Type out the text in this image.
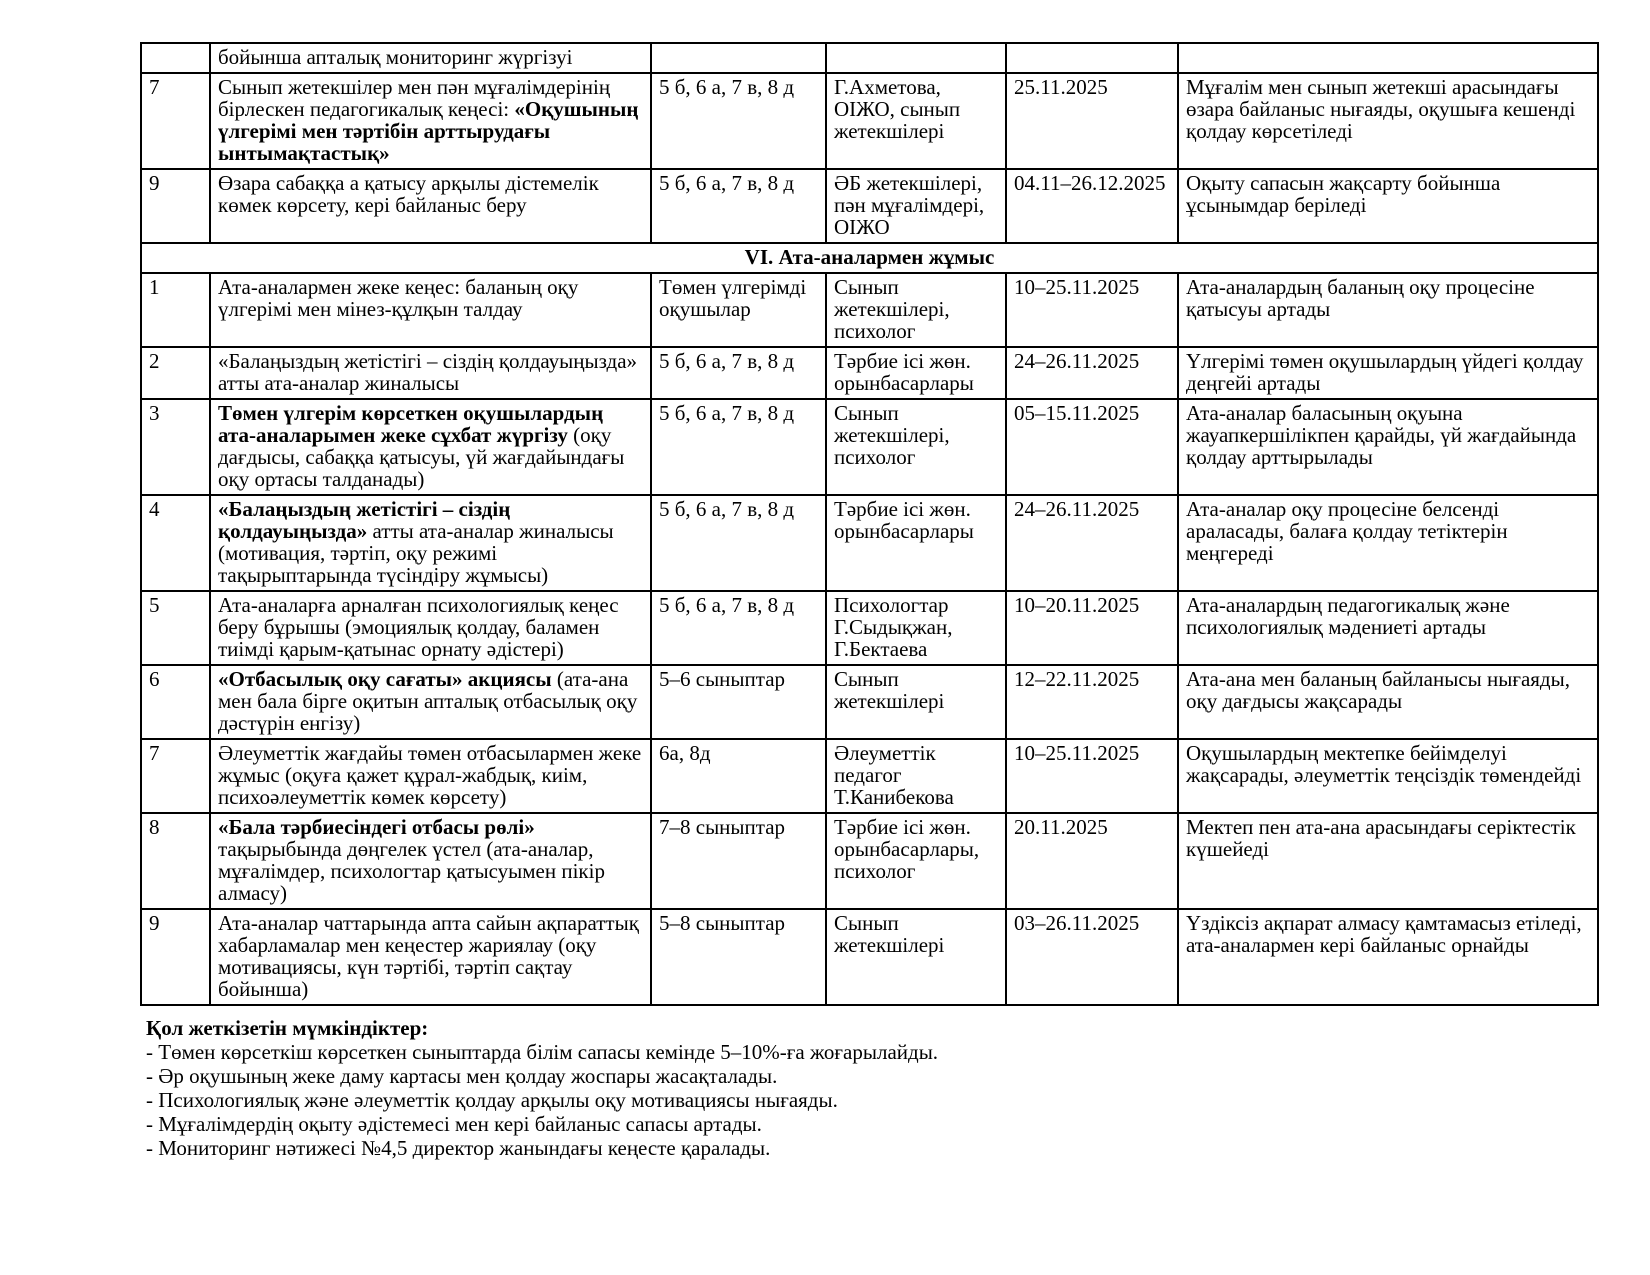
	бойынша апталық мониторинг жүргізуі				
7	Сынып жетекшілер мен пән мұғалімдерінің бірлескен педагогикалық кеңесі: «Оқушының үлгерімі мен тәртібін арттырудағы ынтымақтастық»	5 б, 6 а, 7 в, 8 д	Г.Ахметова, ОІЖО, сынып жетекшілері	25.11.2025	Мұғалім мен сынып жетекші арасындағы өзара байланыс нығаяды, оқушыға кешенді қолдау көрсетіледі
9	Өзара сабаққа а қатысу арқылы дістемелік көмек көрсету, кері байланыс беру	5 б, 6 а, 7 в, 8 д	ӘБ жетекшілері, пән мұғалімдері, ОІЖО	04.11–26.12.2025	Оқыту сапасын жақсарту бойынша ұсынымдар беріледі
VI. Ата-аналармен жұмыс					
1	Ата-аналармен жеке кеңес: баланың оқу үлгерімі мен мінез-құлқын талдау	Төмен үлгерімді оқушылар	Сынып жетекшілері, психолог	10–25.11.2025	Ата-аналардың баланың оқу процесіне қатысуы артады
2	«Балаңыздың жетістігі – сіздің қолдауыңызда» атты ата-аналар жиналысы	5 б, 6 а, 7 в, 8 д	Тәрбие ісі жөн. орынбасарлары	24–26.11.2025	Үлгерімі төмен оқушылардың үйдегі қолдау деңгейі артады
3	Төмен үлгерім көрсеткен оқушылардың ата-аналарымен жеке сұхбат жүргізу (оқу дағдысы, сабаққа қатысуы, үй жағдайындағы оқу ортасы талданады)	5 б, 6 а, 7 в, 8 д	Сынып жетекшілері, психолог	05–15.11.2025	Ата-аналар баласының оқуына жауапкершілікпен қарайды, үй жағдайында қолдау арттырылады
4	«Балаңыздың жетістігі – сіздің қолдауыңызда» атты ата-аналар жиналысы (мотивация, тәртіп, оқу режимі тақырыптарында түсіндіру жұмысы)	5 б, 6 а, 7 в, 8 д	Тәрбие ісі жөн. орынбасарлары	24–26.11.2025	Ата-аналар оқу процесіне белсенді араласады, балаға қолдау тетіктерін меңгереді
5	Ата-аналарға арналған психологиялық кеңес беру бұрышы (эмоциялық қолдау, баламен тиімді қарым-қатынас орнату әдістері)	5 б, 6 а, 7 в, 8 д	Психологтар Г.Сыдықжан, Г.Бектаева	10–20.11.2025	Ата-аналардың педагогикалық және психологиялық мәдениеті артады
6	«Отбасылық оқу сағаты» акциясы (ата-ана мен бала бірге оқитын апталық отбасылық оқу дәстүрін енгізу)	5–6 сыныптар	Сынып жетекшілері	12–22.11.2025	Ата-ана мен баланың байланысы нығаяды, оқу дағдысы жақсарады
7	Әлеуметтік жағдайы төмен отбасылармен жеке жұмыс (оқуға қажет құрал-жабдық, киім, психоәлеуметтік көмек көрсету)	6а, 8д	Әлеуметтік педагог Т.Канибекова	10–25.11.2025	Оқушылардың мектепке бейімделуі жақсарады, әлеуметтік теңсіздік төмендейді
8	«Бала тәрбиесіндегі отбасы рөлі» тақырыбында дөңгелек үстел (ата-аналар, мұғалімдер, психологтар қатысуымен пікір алмасу)	7–8 сыныптар	Тәрбие ісі жөн. орынбасарлары, психолог	20.11.2025	Мектеп пен ата-ана арасындағы серіктестік күшейеді
9	Ата-аналар чаттарында апта сайын ақпараттық хабарламалар мен кеңестер жариялау (оқу мотивациясы, күн тәртібі, тәртіп сақтау бойынша)	5–8 сыныптар	Сынып жетекшілері	03–26.11.2025	Үздіксіз ақпарат алмасу қамтамасыз етіледі, ата-аналармен кері байланыс орнайды
Қол жеткізетін мүмкіндіктер:
- Төмен көрсеткіш көрсеткен сыныптарда білім сапасы кемінде 5–10%-ға жоғарылайды.
- Әр оқушының жеке даму картасы мен қолдау жоспары жасақталады.
- Психологиялық және әлеуметтік қолдау арқылы оқу мотивациясы нығаяды.
- Мұғалімдердің оқыту әдістемесі мен кері байланыс сапасы артады.
- Мониторинг нәтижесі №4,5 директор жанындағы кеңесте қаралады.
